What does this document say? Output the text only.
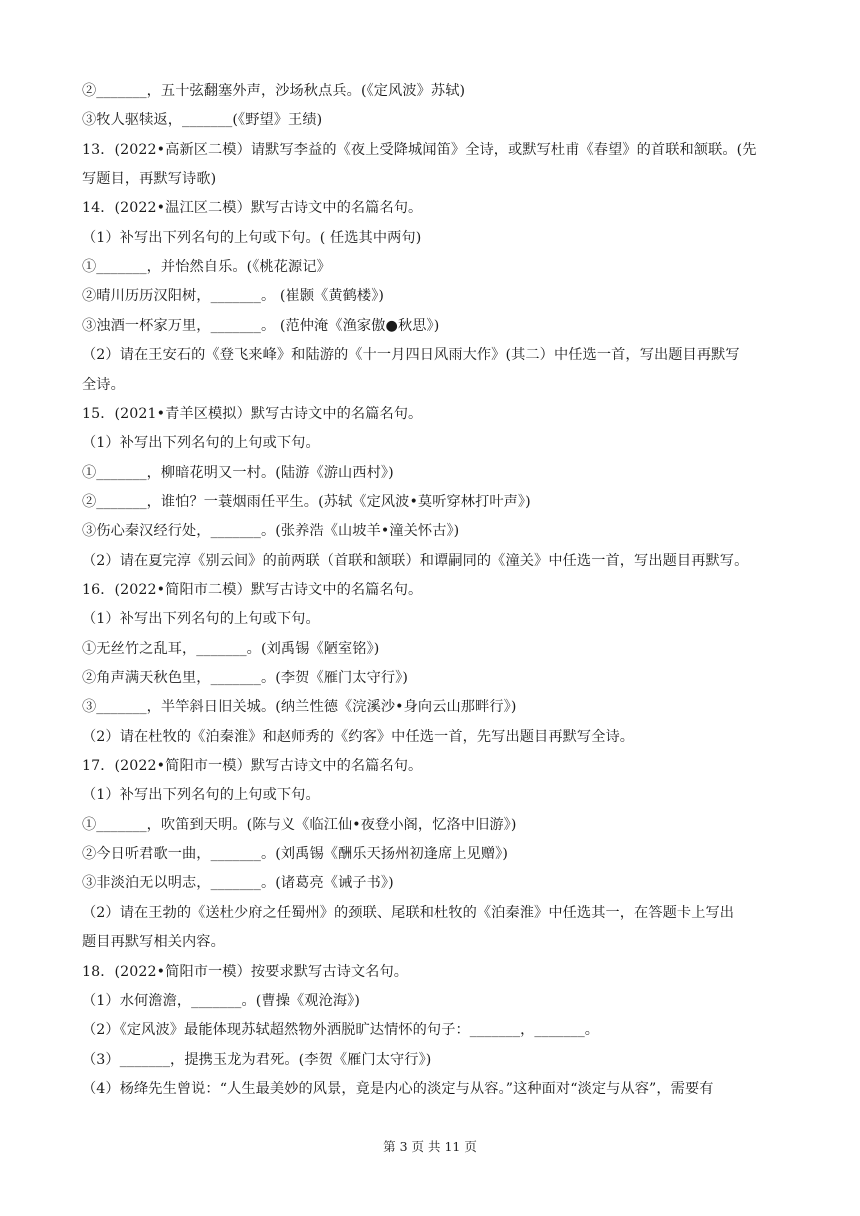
②_______，五十弦翻塞外声，沙场秋点兵。(《定风波》苏轼)
③牧人驱犊返，_______(《野望》王绩)
13．(2022•高新区二模）请默写李益的《夜上受降城闻笛》全诗，或默写杜甫《春望》的首联和颔联。(先
写题目，再默写诗歌)
14．(2022•温江区二模）默写古诗文中的名篇名句。
（1）补写出下列名句的上句或下句。( 任选其中两句)
①_______，并怡然自乐。(《桃花源记》
②晴川历历汉阳树，_______。 (崔颢《黄鹤楼》)
③浊酒一杯家万里，_______。 (范仲淹《渔家傲●秋思》)
（2）请在王安石的《登飞来峰》和陆游的《十一月四日风雨大作》(其二）中任选一首，写出题目再默写
全诗。
15．(2021•青羊区模拟）默写古诗文中的名篇名句。
（1）补写出下列名句的上句或下句。
①_______，柳暗花明又一村。(陆游《游山西村》)
②_______，谁怕？一蓑烟雨任平生。(苏轼《定风波•莫听穿林打叶声》)
③伤心秦汉经行处，_______。(张养浩《山坡羊•潼关怀古》)
（2）请在夏完淳《别云间》的前两联（首联和颔联）和谭嗣同的《潼关》中任选一首，写出题目再默写。
16．(2022•简阳市二模）默写古诗文中的名篇名句。
（1）补写出下列名句的上句或下句。
①无丝竹之乱耳，_______。(刘禹锡《陋室铭》)
②角声满天秋色里，_______。(李贺《雁门太守行》)
③_______，半竿斜日旧关城。(纳兰性德《浣溪沙•身向云山那畔行》)
（2）请在杜牧的《泊秦淮》和赵师秀的《约客》中任选一首，先写出题目再默写全诗。
17．(2022•简阳市一模）默写古诗文中的名篇名句。
（1）补写出下列名句的上句或下句。
①_______，吹笛到天明。(陈与义《临江仙•夜登小阁，忆洛中旧游》)
②今日听君歌一曲，_______。(刘禹锡《酬乐天扬州初逢席上见赠》)
③非淡泊无以明志，_______。(诸葛亮《诫子书》)
（2）请在王勃的《送杜少府之任蜀州》的颈联、尾联和杜牧的《泊秦淮》中任选其一，在答题卡上写出
题目再默写相关内容。
18．(2022•简阳市一模）按要求默写古诗文名句。
（1）水何澹澹，_______。(曹操《观沧海》)
（2）《定风波》最能体现苏轼超然物外洒脱旷达情怀的句子：_______，_______。
（3）_______，提携玉龙为君死。(李贺《雁门太守行》)
（4）杨绛先生曾说：“人生最美妙的风景，竟是内心的淡定与从容。”这种面对“淡定与从容”，需要有
第 3 页 共 11 页
